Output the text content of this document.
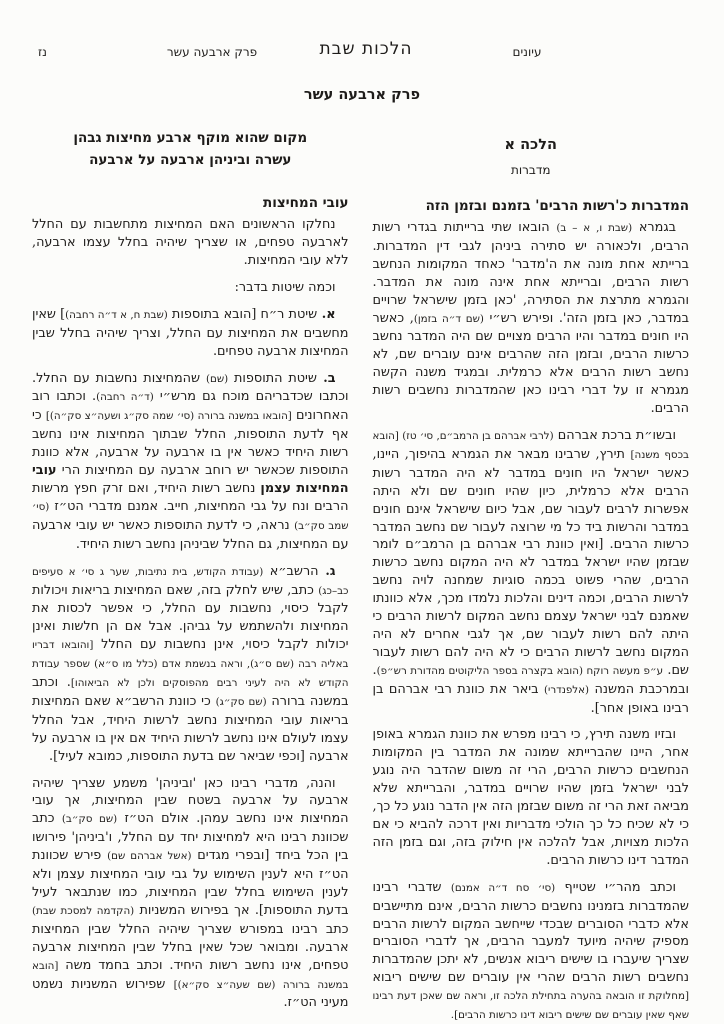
נז	פרק ארבעה עשר	הלכות שבת	עיונים
פרק ארבעה עשר
הלכה א
מדברות
המדברות כ'רשות הרבים' בזמנם ובזמן הזה

בגמרא (שבת ו, א – ב) הובאו שתי ברייתות בגדרי רשות הרבים, ולכאורה יש סתירה ביניהן לגבי דין המדברות. ברייתא אחת מונה את ה'מדבר' כאחד המקומות הנחשב רשות הרבים, וברייתא אחת אינה מונה את המדבר. והגמרא מתרצת את הסתירה, 'כאן בזמן שישראל שרויים במדבר, כאן בזמן הזה'. ופירש רש״י (שם ד״ה בזמן), כאשר היו חונים במדבר והיו הרבים מצויים שם היה המדבר נחשב כרשות הרבים, ובזמן הזה שהרבים אינם עוברים שם, לא נחשב רשות הרבים אלא כרמלית. ובמגיד משנה הקשה מגמרא זו על דברי רבינו כאן שהמדברות נחשבים רשות הרבים.

ובשו״ת ברכת אברהם (לרבי אברהם בן הרמב״ם, סי׳ טז) [הובא בכסף משנה] תירץ, שרבינו מבאר את הגמרא בהיפוך, היינו, כאשר ישראל היו חונים במדבר לא היה המדבר רשות הרבים אלא כרמלית, כיון שהיו חונים שם ולא היתה אפשרות לרבים לעבור שם, אבל כיום שישראל אינם חונים במדבר והרשות ביד כל מי שרוצה לעבור שם נחשב המדבר כרשות הרבים. [ואין כוונת רבי אברהם בן הרמב״ם לומר שבזמן שהיו ישראל במדבר לא היה המקום נחשב כרשות הרבים, שהרי פשוט בכמה סוגיות שמחנה לויה נחשב לרשות הרבים, וכמה דינים והלכות נלמדו מכך, אלא כוונתו שאמנם לבני ישראל עצמם נחשב המקום לרשות הרבים כי היתה להם רשות לעבור שם, אך לגבי אחרים לא היה המקום נחשב לרשות הרבים כי לא היה להם רשות לעבור שם. ע״פ מעשה רוקח (הובא בקצרה בספר הליקוטים מהדורת רש״פ). ובמרכבת המשנה (אלפנדרי) ביאר את כוונת רבי אברהם בן רבינו באופן אחר].

ובזיו משנה תירץ, כי רבינו מפרש את כוונת הגמרא באופן אחר, היינו שהברייתא שמונה את המדבר בין המקומות הנחשבים כרשות הרבים, הרי זה משום שהדבר היה נוגע לבני ישראל בזמן שהיו שרויים במדבר, והברייתא שלא מביאה זאת הרי זה משום שבזמן הזה אין הדבר נוגע כל כך, כי לא שכיח כל כך הולכי מדבריות ואין דרכה להביא כי אם הלכות מצויות, אבל להלכה אין חילוק בזה, וגם בזמן הזה המדבר דינו כרשות הרבים.

וכתב מהר״י שטייף (סי׳ סח ד״ה אמנם) שדברי רבינו שהמדברות בזמנינו נחשבים כרשות הרבים, אינם מתיישבים אלא כדברי הסוברים שבכדי שייחשב המקום לרשות הרבים מספיק שיהיה מיועד למעבר הרבים, אך לדברי הסוברים שצריך שיעברו בו שישים ריבוא אנשים, לא יתכן שהמדברות נחשבים רשות הרבים שהרי אין עוברים שם שישים ריבוא [מחלוקת זו הובאה בהערה בתחילת הלכה זו, וראה שם שאכן דעת רבינו שאף שאין עוברים שם שישים ריבוא דינו כרשות הרבים].

מקום שהוא מוקף ארבע מחיצות גבהן עשרה וביניהן ארבעה על ארבעה
עובי המחיצות

נחלקו הראשונים האם המחיצות מתחשבות עם החלל לארבעה טפחים, או שצריך שיהיה בחלל עצמו ארבעה, ללא עובי המחיצות.

וכמה שיטות בדבר:

א. שיטת ר״ח [הובא בתוספות (שבת ח, א ד״ה רחבה)] שאין מחשבים את המחיצות עם החלל, וצריך שיהיה בחלל שבין המחיצות ארבעה טפחים.

ב. שיטת התוספות (שם) שהמחיצות נחשבות עם החלל. וכתבו שכדבריהם מוכח גם מרש״י (ד״ה רחבה). וכתבו רוב האחרונים [הובאו במשנה ברורה (סי׳ שמה סק״ג ושעה״צ סק״ה)] כי אף לדעת התוספות, החלל שבתוך המחיצות אינו נחשב רשות היחיד כאשר אין בו ארבעה על ארבעה, אלא כוונת התוספות שכאשר יש רוחב ארבעה עם המחיצות הרי עובי המחיצות עצמן נחשב רשות היחיד, ואם זרק חפץ מרשות הרבים ונח על גבי המחיצות, חייב. אמנם מדברי הט״ז (סי׳ שמב סק״ב) נראה, כי לדעת התוספות כאשר יש עובי ארבעה עם המחיצות, גם החלל שביניהן נחשב רשות היחיד.

ג. הרשב״א (עבודת הקודש, בית נתיבות, שער ג סי׳ א סעיפים כב–כג) כתב, שיש לחלק בזה, שאם המחיצות בריאות ויכולות לקבל כיסוי, נחשבות עם החלל, כי אפשר לכסות את המחיצות ולהשתמש על גביהן. אבל אם הן חלשות ואינן יכולות לקבל כיסוי, אינן נחשבות עם החלל [והובאו דבריו באליה רבה (שם ס״ג), וראה בנשמת אדם (כלל מו ס״א) שספר עבודת הקודש לא היה לעיני רבים מהפוסקים ולכן לא הביאוהו]. וכתב במשנה ברורה (שם סק״ג) כי כוונת הרשב״א שאם המחיצות בריאות עובי המחיצות נחשב לרשות היחיד, אבל החלל עצמו לעולם אינו נחשב לרשות היחיד אם אין בו ארבעה על ארבעה [וכפי שביאר שם בדעת התוספות, כמובא לעיל].

והנה, מדברי רבינו כאן 'וביניהן' משמע שצריך שיהיה ארבעה על ארבעה בשטח שבין המחיצות, אך עובי המחיצות אינו נחשב עמהן. אולם הט״ז (שם סק״ב) כתב שכוונת רבינו היא למחיצות יחד עם החלל, ו'ביניהן' פירושו בין הכל ביחד [ובפרי מגדים (אשל אברהם שם) פירש שכוונת הט״ז היא לענין השימוש על גבי עובי המחיצות עצמן ולא לענין השימוש בחלל שבין המחיצות, כמו שנתבאר לעיל בדעת התוספות]. אך בפירוש המשניות (הקדמה למסכת שבת) כתב רבינו במפורש שצריך שיהיה החלל שבין המחיצות ארבעה. ומבואר שכל שאין בחלל שבין המחיצות ארבעה טפחים, אינו נחשב רשות היחיד. וכתב בחמד משה [הובא במשנה ברורה (שם שעה״צ סק״א)] שפירוש המשניות נשמט מעיני הט״ז.
